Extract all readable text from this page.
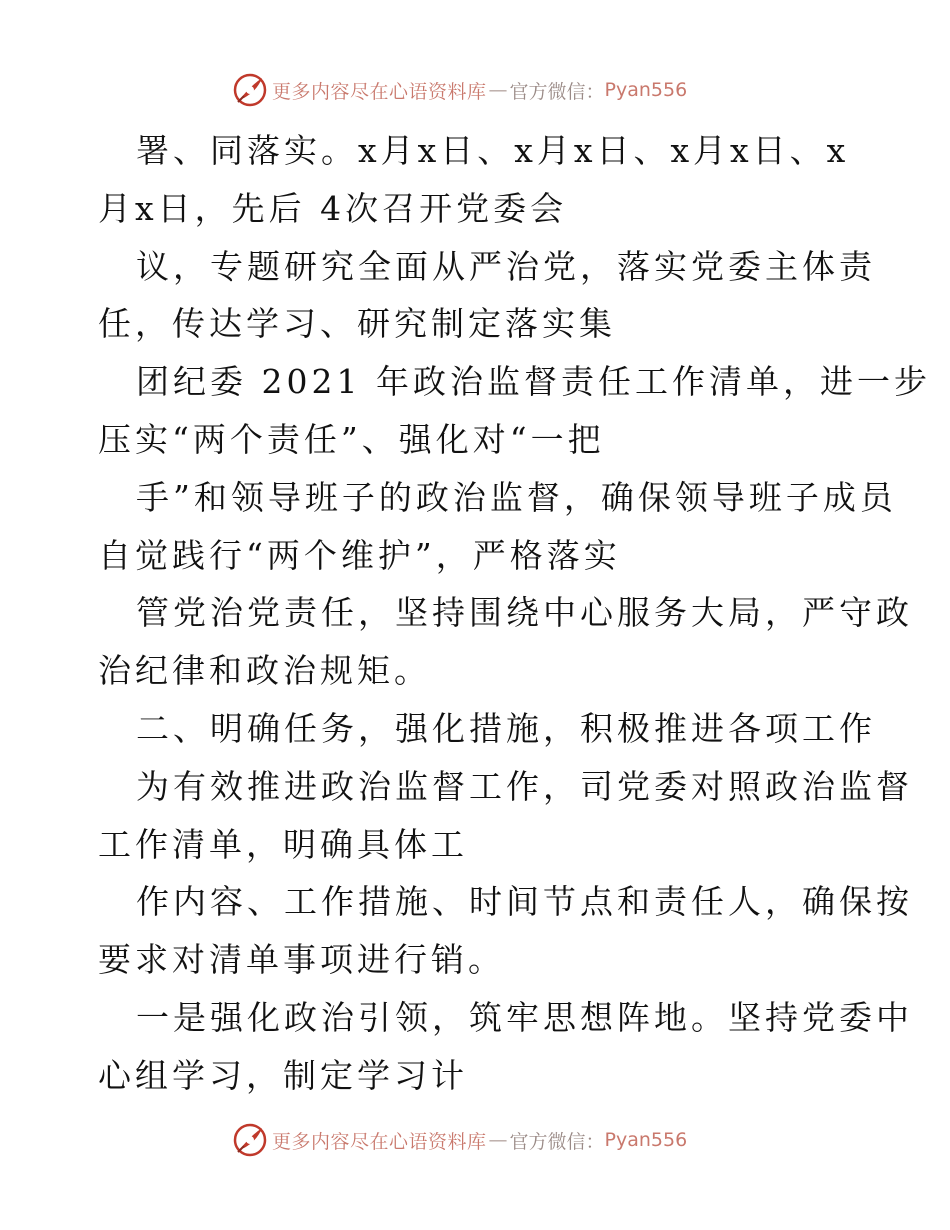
更多内容尽在心语资料库 — 官方微信： Pyan556
署、同落实。x月x日、x月x日、x月x日、x
月x日，先后 4次召开党委会
议，专题研究全面从严治党，落实党委主体责
任，传达学习、研究制定落实集
团纪委 2021 年政治监督责任工作清单，进一步
压实“两个责任”、强化对“一把
手”和领导班子的政治监督，确保领导班子成员
自觉践行“两个维护”，严格落实
管党治党责任，坚持围绕中心服务大局，严守政
治纪律和政治规矩。
二、明确任务，强化措施，积极推进各项工作
为有效推进政治监督工作，司党委对照政治监督
工作清单，明确具体工
作内容、工作措施、时间节点和责任人，确保按
要求对清单事项进行销。
一是强化政治引领，筑牢思想阵地。坚持党委中
心组学习，制定学习计
更多内容尽在心语资料库 — 官方微信： Pyan556
